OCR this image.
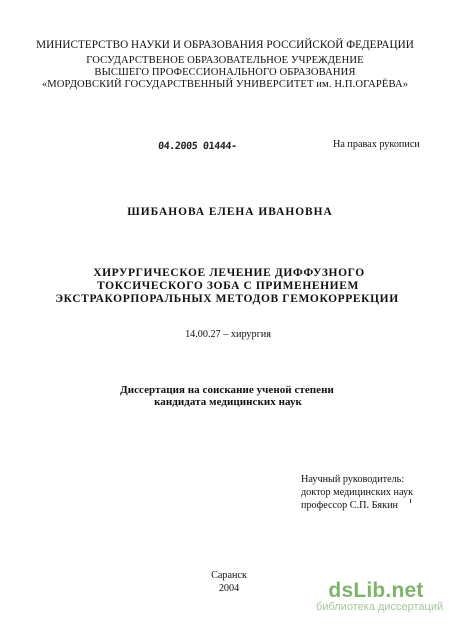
МИНИСТЕРСТВО НАУКИ И ОБРАЗОВАНИЯ РОССИЙСКОЙ ФЕДЕРАЦИИ
ГОСУДАРСТВЕНОЕ ОБРАЗОВАТЕЛЬНОЕ УЧРЕЖДЕНИЕ
ВЫСШЕГО ПРОФЕССИОНАЛЬНОГО ОБРАЗОВАНИЯ
«МОРДОВСКИЙ ГОСУДАРСТВЕННЫЙ УНИВЕРСИТЕТ им. Н.П.ОГАРЁВА»
04.2005 01444-	На правах рукописи
ШИБАНОВА ЕЛЕНА ИВАНОВНА
ХИРУРГИЧЕСКОЕ ЛЕЧЕНИЕ ДИФФУЗНОГО
ТОКСИЧЕСКОГО ЗОБА С ПРИМЕНЕНИЕМ
ЭКСТРАКОРПОРАЛЬНЫХ МЕТОДОВ ГЕМОКОРРЕКЦИИ
14.00.27 – хирургия
Диссертация на соискание ученой степени
кандидата медицинских наук
Научный руководитель:
доктор медицинских наук
профессор С.П. Бякин
Саранск
2004	dsLib.net
библиотека диссертаций
